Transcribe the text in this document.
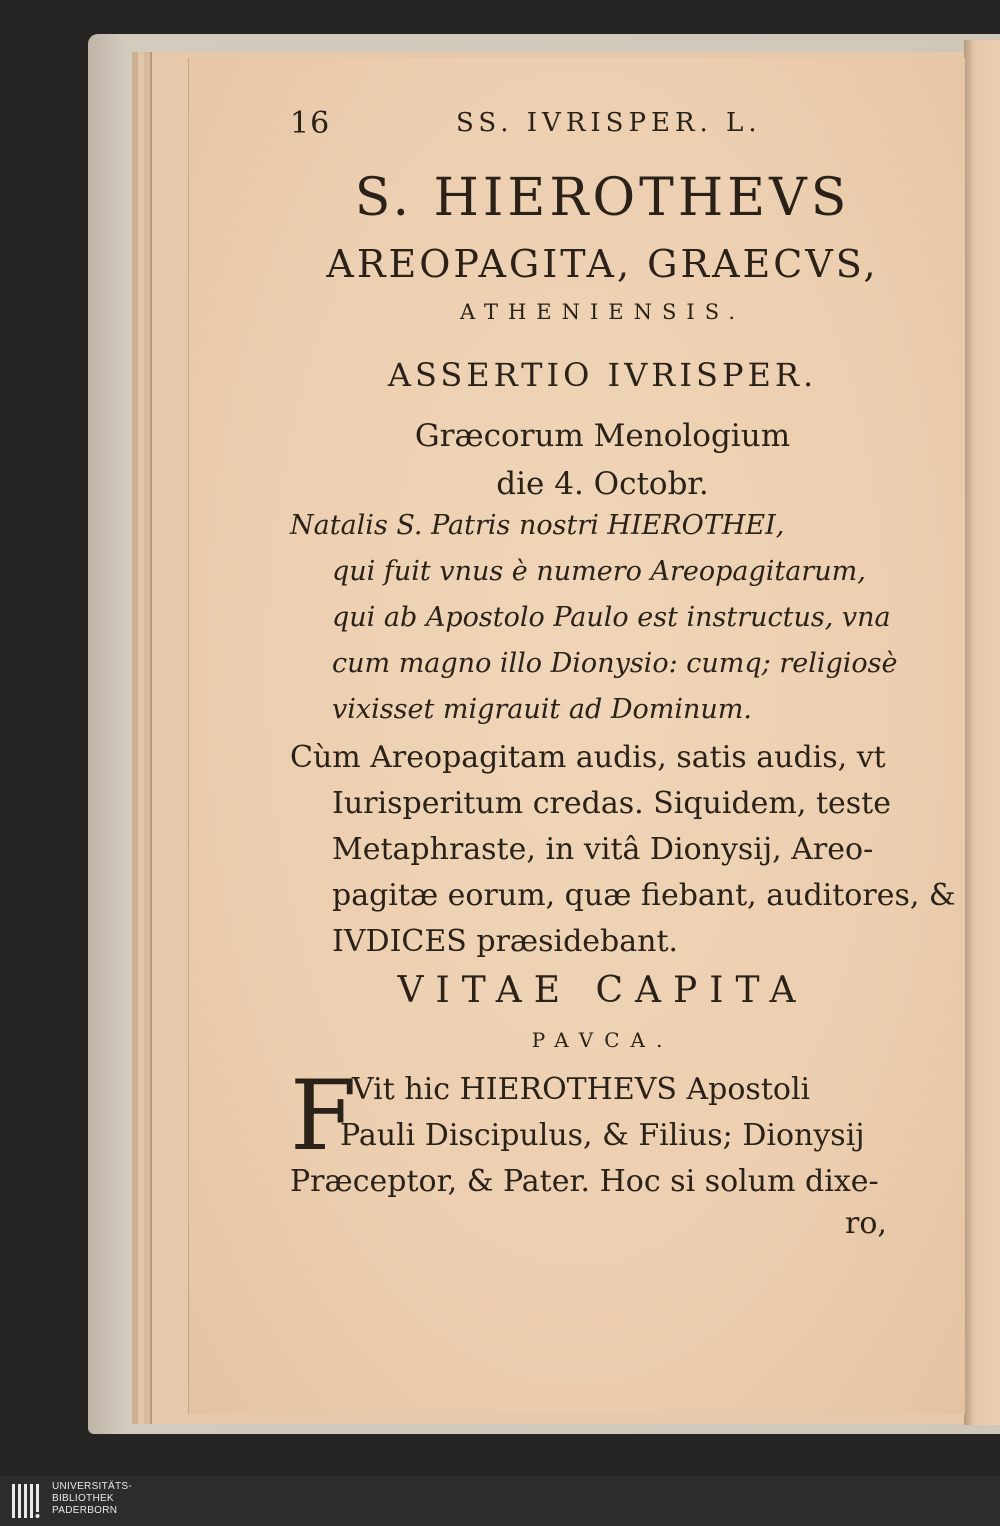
16	SS. IVRISPER. L.
S. HIEROTHEVS
AREOPAGITA, GRAECVS,
ATHENIENSIS.
ASSERTIO IVRISPER.
Græcorum Menologium
die 4. Octobr.
Natalis S. Patris nostri HIEROTHEI,
qui fuit vnus è numero Areopagitarum,
qui ab Apostolo Paulo est instructus, vna
cum magno illo Dionysio: cumq; religiosè
vixisset migrauit ad Dominum.
Cùm Areopagitam audis, satis audis, vt
Iurisperitum credas. Siquidem, teste
Metaphraste, in vitâ Dionysij, Areo-
pagitæ eorum, quæ fiebant, auditores, &
IVDICES præsidebant.
VITAE CAPITA
PAVCA.
F
Vit hic HIEROTHEVS Apostoli
Pauli Discipulus, & Filius; Dionysij
Præceptor, & Pater. Hoc si solum dixe-
ro,
UNIVERSITÄTS-
BIBLIOTHEK
PADERBORN
